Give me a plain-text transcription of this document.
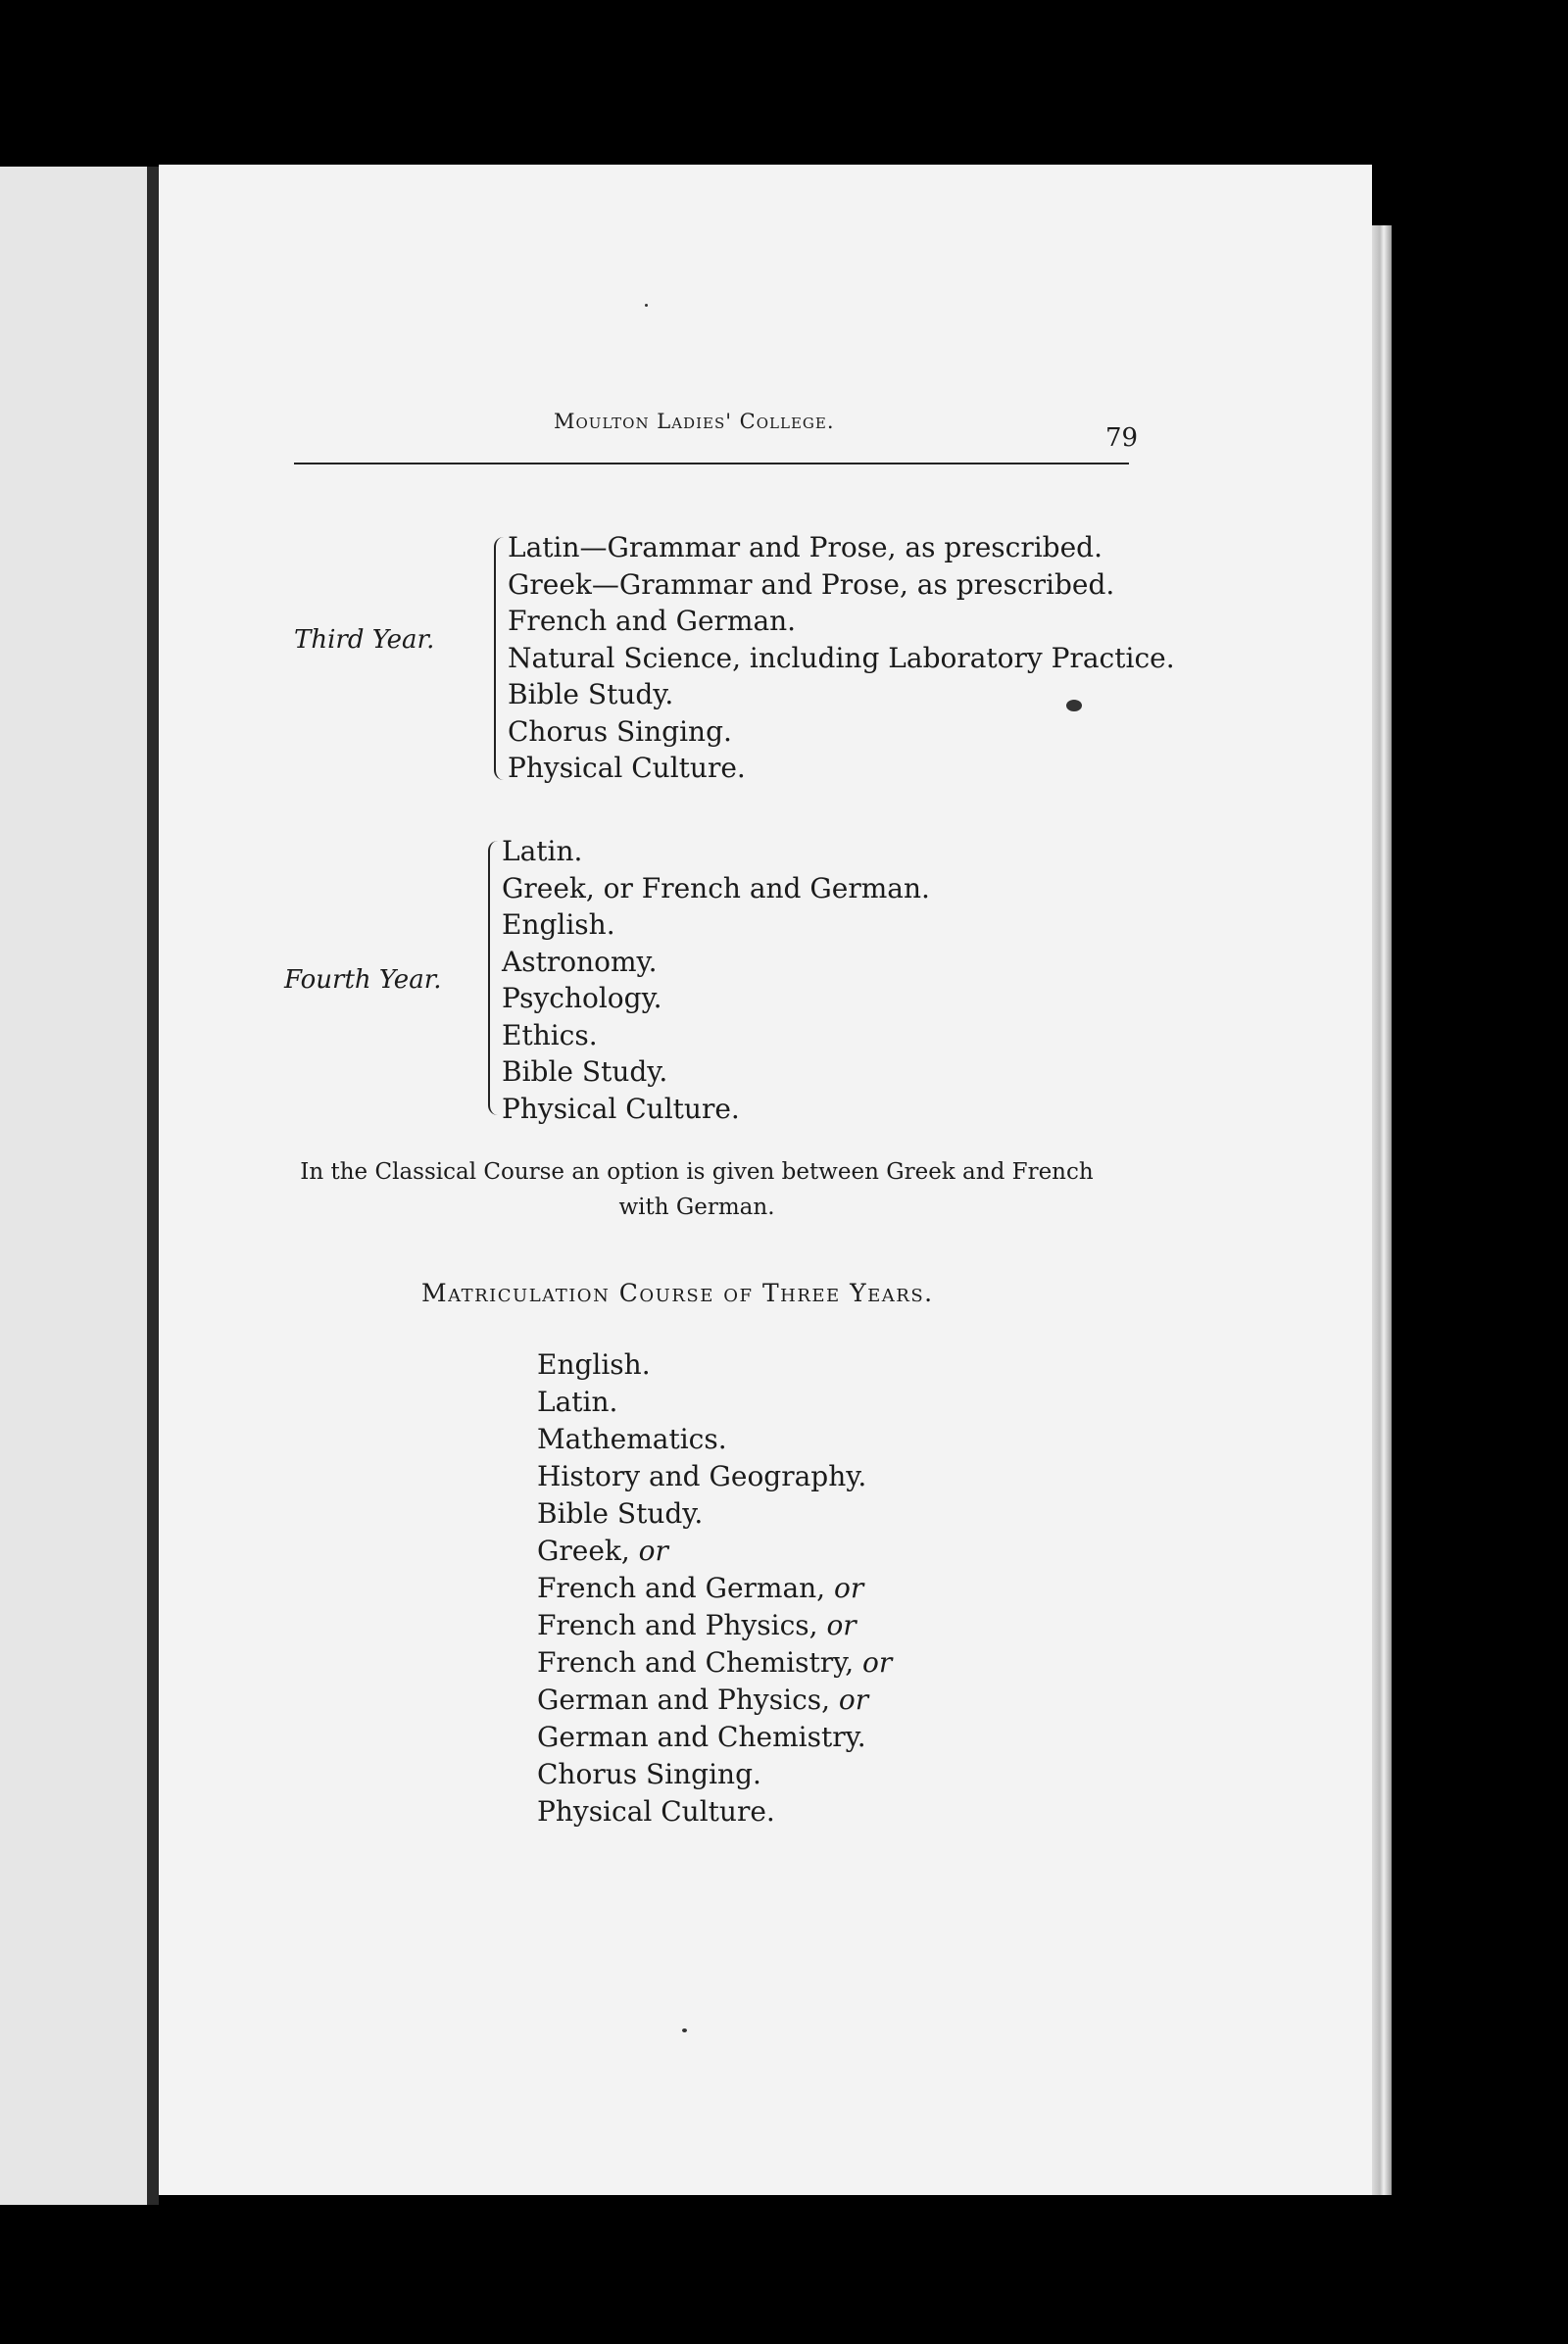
Moulton Ladies' College.
79
Third Year.
Latin—Grammar and Prose, as prescribed.
Greek—Grammar and Prose, as prescribed.
French and German.
Natural Science, including Laboratory Practice.
Bible Study.
Chorus Singing.
Physical Culture.
Fourth Year.
Latin.
Greek, or French and German.
English.
Astronomy.
Psychology.
Ethics.
Bible Study.
Physical Culture.
In the Classical Course an option is given between Greek and French with German.
Matriculation Course of Three Years.
English.
Latin.
Mathematics.
History and Geography.
Bible Study.
Greek, or
French and German, or
French and Physics, or
French and Chemistry, or
German and Physics, or
German and Chemistry.
Chorus Singing.
Physical Culture.
